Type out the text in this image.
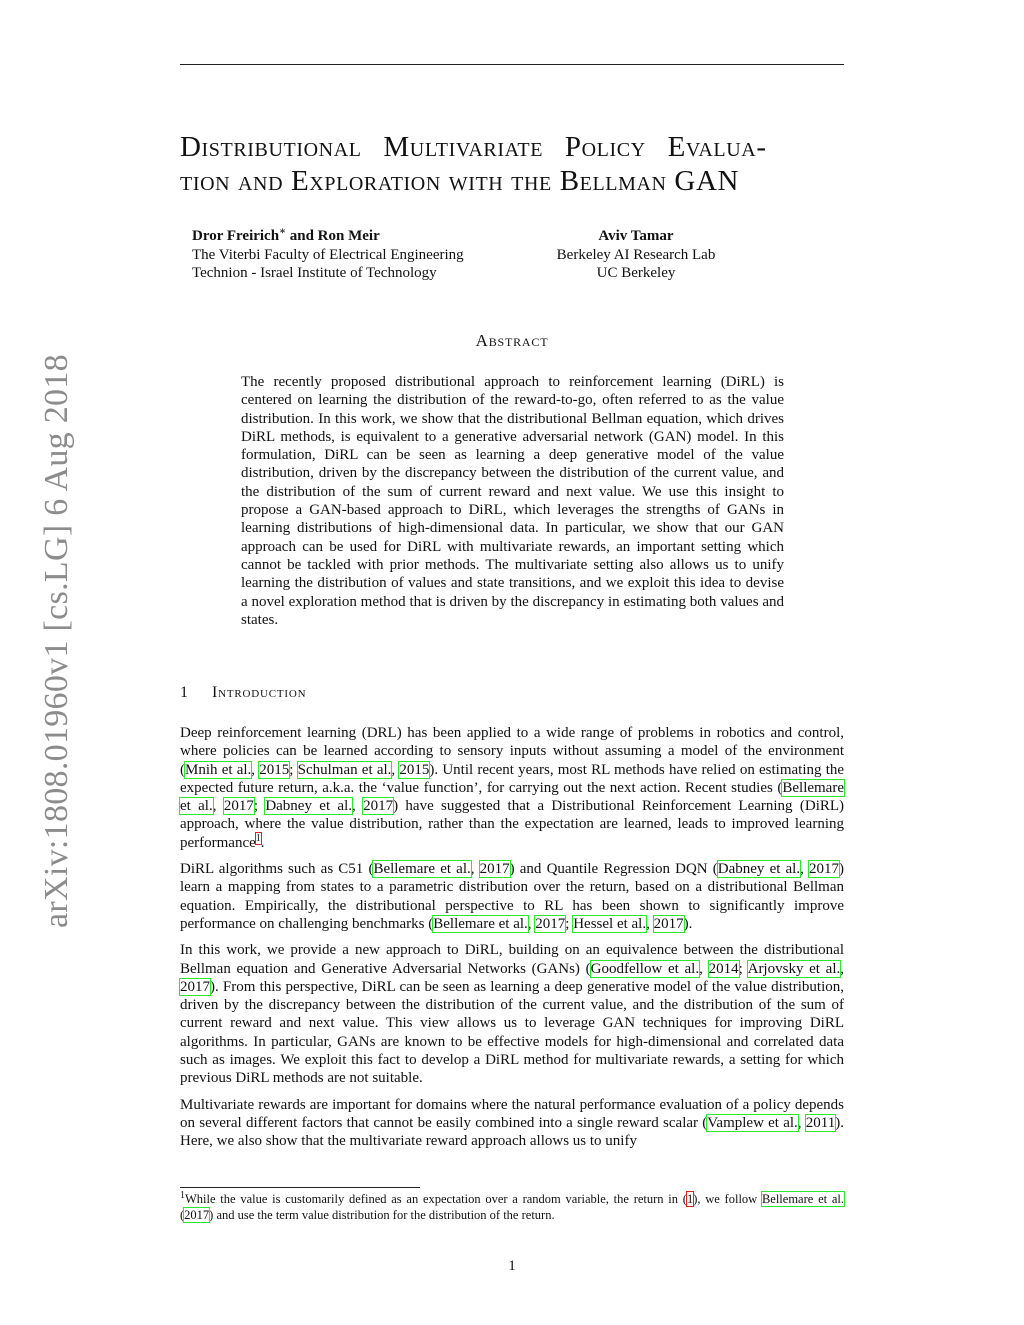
arXiv:1808.01960v1 [cs.LG] 6 Aug 2018
Distributional Multivariate Policy Evalua-
tion and Exploration with the Bellman GAN
Dror Freirich∗ and Ron Meir
The Viterbi Faculty of Electrical Engineering
Technion - Israel Institute of Technology
Aviv Tamar
Berkeley AI Research Lab
UC Berkeley
Abstract

The recently proposed distributional approach to reinforcement learning (DiRL) is centered on learning the distribution of the reward-to-go, often referred to as the value distribution. In this work, we show that the distributional Bellman equation, which drives DiRL methods, is equivalent to a generative adversarial network (GAN) model. In this formulation, DiRL can be seen as learning a deep generative model of the value distribution, driven by the discrepancy between the distribution of the current value, and the distribution of the sum of current reward and next value. We use this insight to propose a GAN-based approach to DiRL, which leverages the strengths of GANs in learning distributions of high-dimensional data. In particular, we show that our GAN approach can be used for DiRL with multivariate rewards, an important setting which cannot be tackled with prior methods. The multivariate setting also allows us to unify learning the distribution of values and state transitions, and we exploit this idea to devise a novel exploration method that is driven by the discrepancy in estimating both values and states.

1 Introduction

Deep reinforcement learning (DRL) has been applied to a wide range of problems in robotics and control, where policies can be learned according to sensory inputs without assuming a model of the environment (Mnih et al., 2015; Schulman et al., 2015). Until recent years, most RL methods have relied on estimating the expected future return, a.k.a. the ‘value function’, for carrying out the next action. Recent studies (Bellemare et al., 2017; Dabney et al., 2017) have suggested that a Distributional Reinforcement Learning (DiRL) approach, where the value distribution, rather than the expectation are learned, leads to improved learning performance$^1$.

DiRL algorithms such as C51 (Bellemare et al., 2017) and Quantile Regression DQN (Dabney et al., 2017) learn a mapping from states to a parametric distribution over the return, based on a distributional Bellman equation. Empirically, the distributional perspective to RL has been shown to significantly improve performance on challenging benchmarks (Bellemare et al., 2017; Hessel et al., 2017).

In this work, we provide a new approach to DiRL, building on an equivalence between the distributional Bellman equation and Generative Adversarial Networks (GANs) (Goodfellow et al., 2014; Arjovsky et al., 2017). From this perspective, DiRL can be seen as learning a deep generative model of the value distribution, driven by the discrepancy between the distribution of the current value, and the distribution of the sum of current reward and next value. This view allows us to leverage GAN techniques for improving DiRL algorithms. In particular, GANs are known to be effective models for high-dimensional and correlated data such as images. We exploit this fact to develop a DiRL method for multivariate rewards, a setting for which previous DiRL methods are not suitable.

Multivariate rewards are important for domains where the natural performance evaluation of a policy depends on several different factors that cannot be easily combined into a single reward scalar (Vamplew et al., 2011). Here, we also show that the multivariate reward approach allows us to unify

$^1$While the value is customarily defined as an expectation over a random variable, the return in (1), we follow Bellemare et al. (2017) and use the term value distribution for the distribution of the return.
1
